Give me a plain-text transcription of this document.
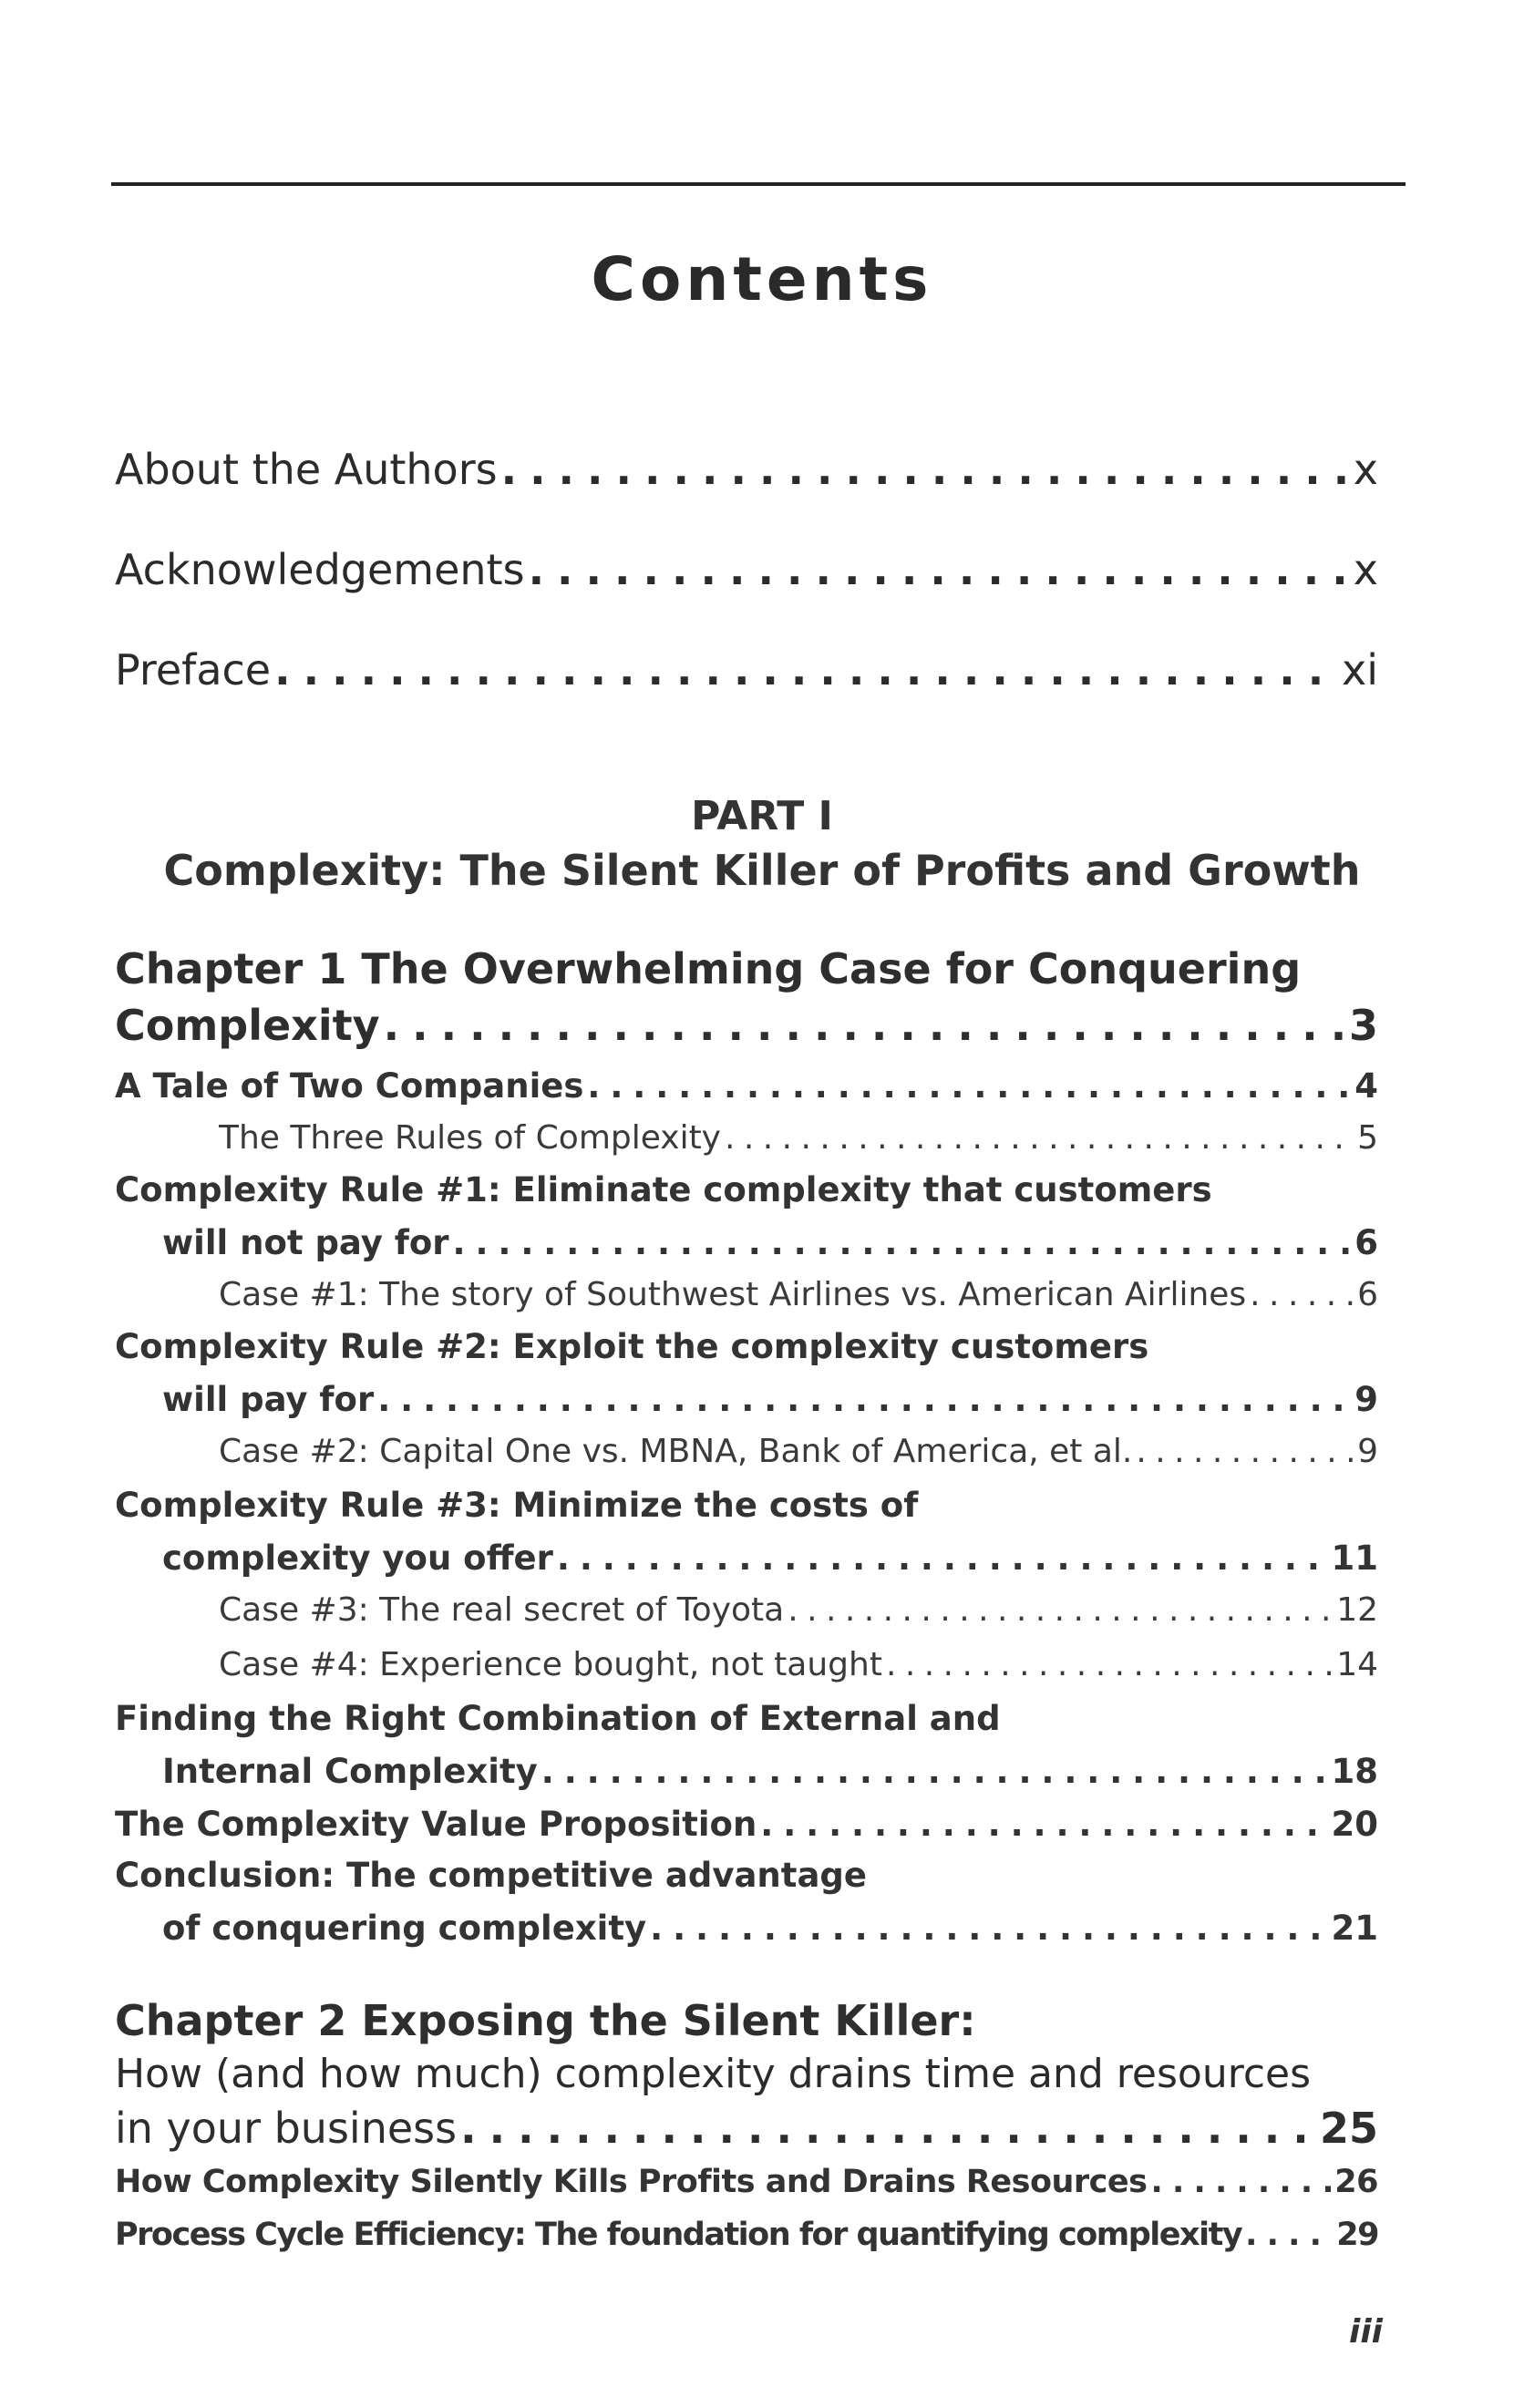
Contents
About the Authors . . .	x
Acknowledgements . . .	x
Preface . . .	xi
PART I
Complexity: The Silent Killer of Profits and Growth
Chapter 1 The Overwhelming Case for Conquering
Complexity . . .	3
A Tale of Two Companies . . .	4
The Three Rules of Complexity . . .	5
Complexity Rule #1: Eliminate complexity that customers
will not pay for . . .	6
Case #1: The story of Southwest Airlines vs. American Airlines . . .	6
Complexity Rule #2: Exploit the complexity customers
will pay for . . .	9
Case #2: Capital One vs. MBNA, Bank of America, et al. . . .	9
Complexity Rule #3: Minimize the costs of
complexity you offer . . .	11
Case #3: The real secret of Toyota . . .	12
Case #4: Experience bought, not taught . . .	14
Finding the Right Combination of External and
Internal Complexity . . .	18
The Complexity Value Proposition . . .	20
Conclusion: The competitive advantage
of conquering complexity . . .	21
Chapter 2 Exposing the Silent Killer:
How (and how much) complexity drains time and resources
in your business . . .	25
How Complexity Silently Kills Profits and Drains Resources . . .	26
Process Cycle Efficiency: The foundation for quantifying complexity . . .	29
iii
